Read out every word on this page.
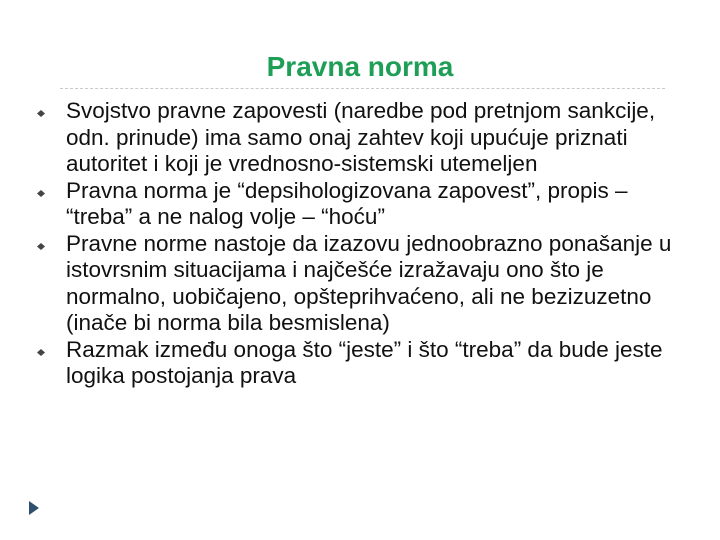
Pravna norma
Svojstvo pravne zapovesti (naredbe pod pretnjom sankcije, odn. prinude) ima samo onaj zahtev koji upućuje priznati autoritet i koji je vrednosno-sistemski utemeljen
Pravna norma je “depsihologizovana zapovest”, propis – “treba” a ne nalog volje – “hoću”
Pravne norme nastoje da izazovu jednoobrazno ponašanje u istovrsnim situacijama i najčešće izražavaju ono što je normalno, uobičajeno, opšteprihvaćeno, ali ne bezizuzetno (inače bi norma bila besmislena)
Razmak između onoga što “jeste” i što “treba” da bude jeste logika postojanja prava
